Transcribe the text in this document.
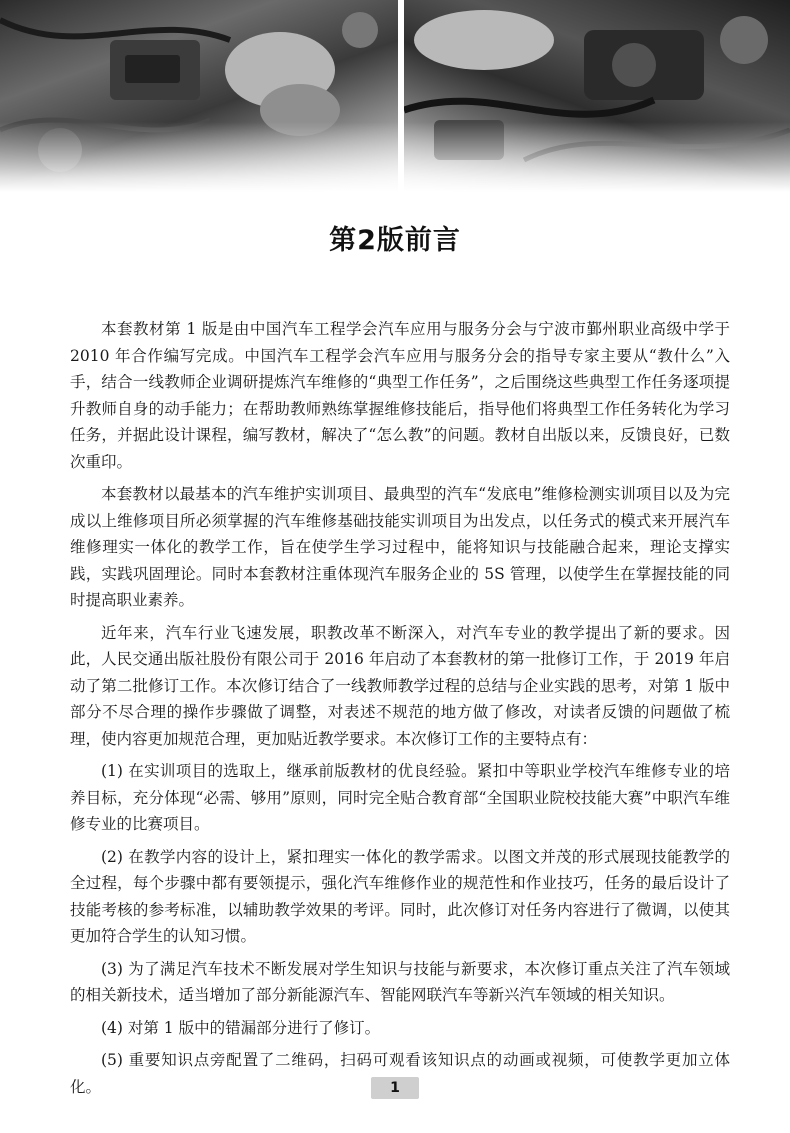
第2版前言

本套教材第 1 版是由中国汽车工程学会汽车应用与服务分会与宁波市鄞州职业高级中学于 2010 年合作编写完成。中国汽车工程学会汽车应用与服务分会的指导专家主要从“教什么”入手，结合一线教师企业调研提炼汽车维修的“典型工作任务”，之后围绕这些典型工作任务逐项提升教师自身的动手能力；在帮助教师熟练掌握维修技能后，指导他们将典型工作任务转化为学习任务，并据此设计课程，编写教材，解决了“怎么教”的问题。教材自出版以来，反馈良好，已数次重印。

本套教材以最基本的汽车维护实训项目、最典型的汽车“发底电”维修检测实训项目以及为完成以上维修项目所必须掌握的汽车维修基础技能实训项目为出发点，以任务式的模式来开展汽车维修理实一体化的教学工作，旨在使学生学习过程中，能将知识与技能融合起来，理论支撑实践，实践巩固理论。同时本套教材注重体现汽车服务企业的 5S 管理，以使学生在掌握技能的同时提高职业素养。

近年来，汽车行业飞速发展，职教改革不断深入，对汽车专业的教学提出了新的要求。因此，人民交通出版社股份有限公司于 2016 年启动了本套教材的第一批修订工作，于 2019 年启动了第二批修订工作。本次修订结合了一线教师教学过程的总结与企业实践的思考，对第 1 版中部分不尽合理的操作步骤做了调整，对表述不规范的地方做了修改，对读者反馈的问题做了梳理，使内容更加规范合理，更加贴近教学要求。本次修订工作的主要特点有：

(1) 在实训项目的选取上，继承前版教材的优良经验。紧扣中等职业学校汽车维修专业的培养目标，充分体现“必需、够用”原则，同时完全贴合教育部“全国职业院校技能大赛”中职汽车维修专业的比赛项目。

(2) 在教学内容的设计上，紧扣理实一体化的教学需求。以图文并茂的形式展现技能教学的全过程，每个步骤中都有要领提示，强化汽车维修作业的规范性和作业技巧，任务的最后设计了技能考核的参考标准，以辅助教学效果的考评。同时，此次修订对任务内容进行了微调，以使其更加符合学生的认知习惯。

(3) 为了满足汽车技术不断发展对学生知识与技能与新要求，本次修订重点关注了汽车领域的相关新技术，适当增加了部分新能源汽车、智能网联汽车等新兴汽车领域的相关知识。

(4) 对第 1 版中的错漏部分进行了修订。

(5) 重要知识点旁配置了二维码，扫码可观看该知识点的动画或视频，可使教学更加立体化。	1
